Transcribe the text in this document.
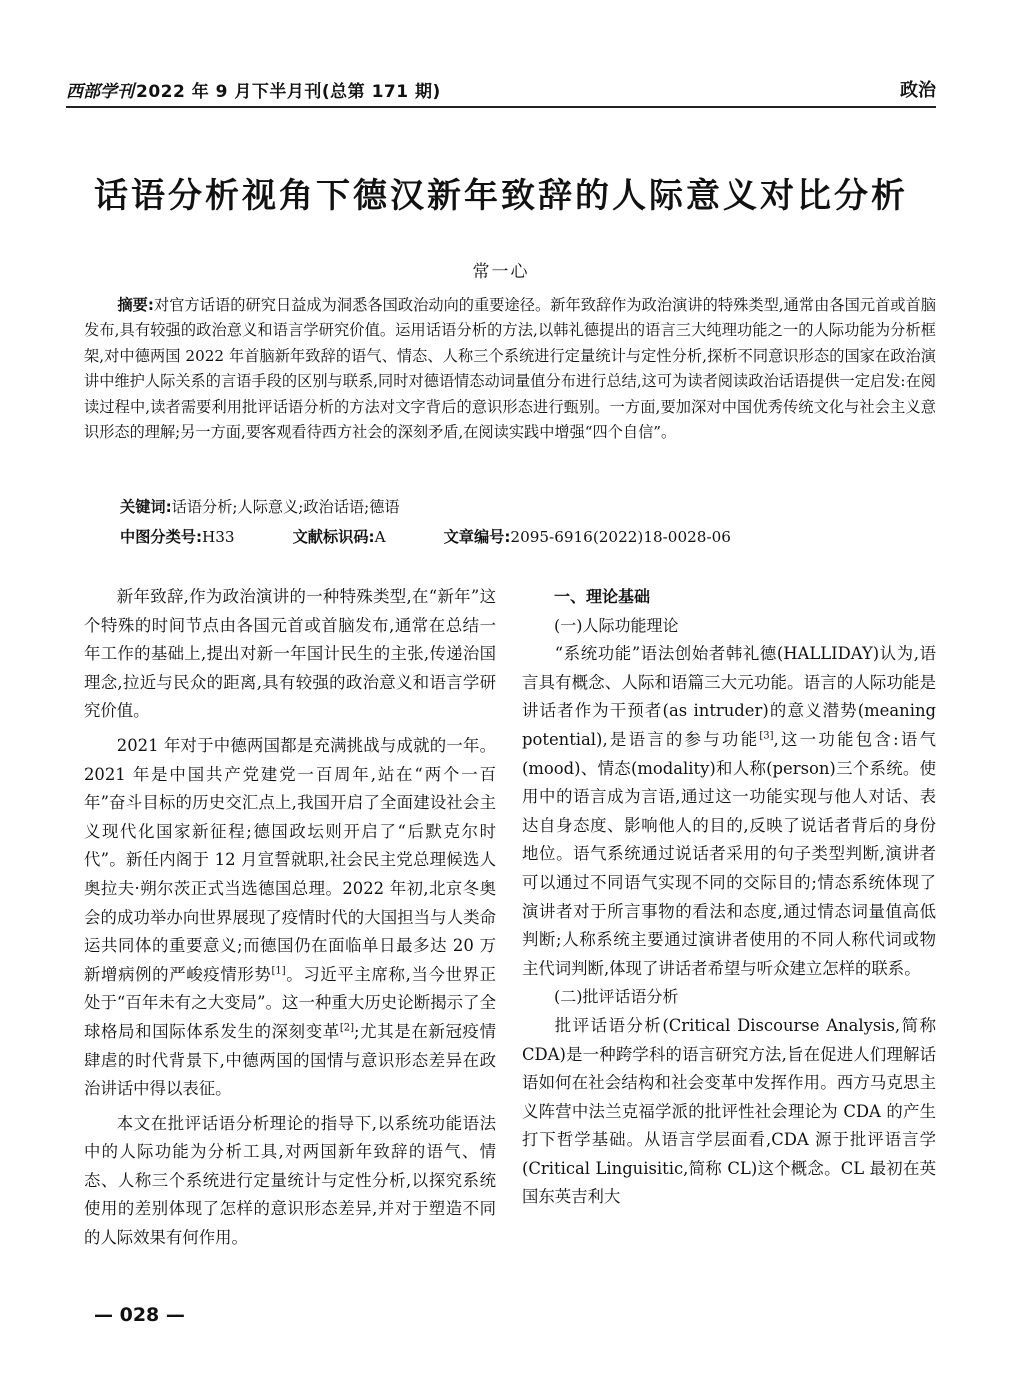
西部学刊 2022 年 9 月下半月刊(总第 171 期)	政治
话语分析视角下德汉新年致辞的人际意义对比分析
常一心
摘要:对官方话语的研究日益成为洞悉各国政治动向的重要途径。新年致辞作为政治演讲的特殊类型,通常由各国元首或首脑发布,具有较强的政治意义和语言学研究价值。运用话语分析的方法,以韩礼德提出的语言三大纯理功能之一的人际功能为分析框架,对中德两国 2022 年首脑新年致辞的语气、情态、人称三个系统进行定量统计与定性分析,探析不同意识形态的国家在政治演讲中维护人际关系的言语手段的区别与联系,同时对德语情态动词量值分布进行总结,这可为读者阅读政治话语提供一定启发:在阅读过程中,读者需要利用批评话语分析的方法对文字背后的意识形态进行甄别。一方面,要加深对中国优秀传统文化与社会主义意识形态的理解;另一方面,要客观看待西方社会的深刻矛盾,在阅读实践中增强“四个自信”。
关键词:话语分析;人际意义;政治话语;德语
中图分类号:H33	文献标识码:A	文章编号:2095-6916(2022)18-0028-06

新年致辞,作为政治演讲的一种特殊类型,在“新年”这个特殊的时间节点由各国元首或首脑发布,通常在总结一年工作的基础上,提出对新一年国计民生的主张,传递治国理念,拉近与民众的距离,具有较强的政治意义和语言学研究价值。

2021 年对于中德两国都是充满挑战与成就的一年。2021 年是中国共产党建党一百周年,站在“两个一百年”奋斗目标的历史交汇点上,我国开启了全面建设社会主义现代化国家新征程;德国政坛则开启了“后默克尔时代”。新任内阁于 12 月宣誓就职,社会民主党总理候选人奥拉夫·朔尔茨正式当选德国总理。2022 年初,北京冬奥会的成功举办向世界展现了疫情时代的大国担当与人类命运共同体的重要意义;而德国仍在面临单日最多达 20 万新增病例的严峻疫情形势[1]。习近平主席称,当今世界正处于“百年未有之大变局”。这一种重大历史论断揭示了全球格局和国际体系发生的深刻变革[2];尤其是在新冠疫情肆虐的时代背景下,中德两国的国情与意识形态差异在政治讲话中得以表征。

本文在批评话语分析理论的指导下,以系统功能语法中的人际功能为分析工具,对两国新年致辞的语气、情态、人称三个系统进行定量统计与定性分析,以探究系统使用的差别体现了怎样的意识形态差异,并对于塑造不同的人际效果有何作用。

一、理论基础
(一)人际功能理论

“系统功能”语法创始者韩礼德(HALLIDAY)认为,语言具有概念、人际和语篇三大元功能。语言的人际功能是讲话者作为干预者(as intruder)的意义潜势(meaning potential),是语言的参与功能[3],这一功能包含:语气(mood)、情态(modality)和人称(person)三个系统。使用中的语言成为言语,通过这一功能实现与他人对话、表达自身态度、影响他人的目的,反映了说话者背后的身份地位。语气系统通过说话者采用的句子类型判断,演讲者可以通过不同语气实现不同的交际目的;情态系统体现了演讲者对于所言事物的看法和态度,通过情态词量值高低判断;人称系统主要通过演讲者使用的不同人称代词或物主代词判断,体现了讲话者希望与听众建立怎样的联系。

(二)批评话语分析

批评话语分析(Critical Discourse Analysis,简称 CDA)是一种跨学科的语言研究方法,旨在促进人们理解话语如何在社会结构和社会变革中发挥作用。西方马克思主义阵营中法兰克福学派的批评性社会理论为 CDA 的产生打下哲学基础。从语言学层面看,CDA 源于批评语言学(Critical Linguisitic,简称 CL)这个概念。CL 最初在英国东英吉利大

— 028 —
